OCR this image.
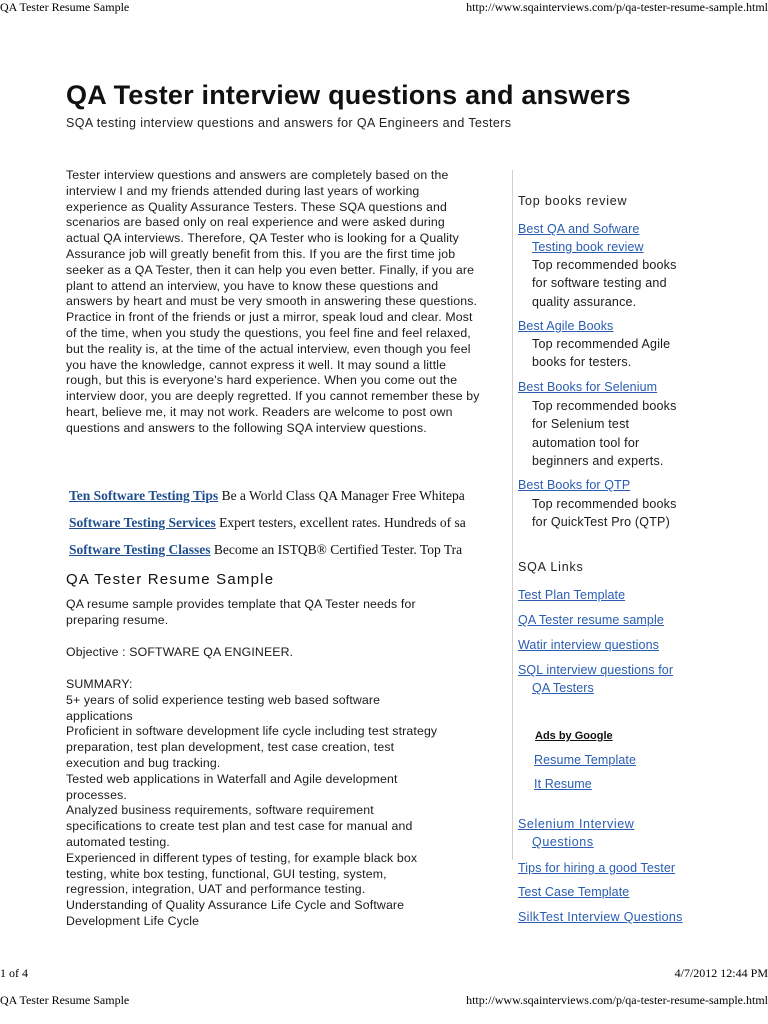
QA Tester Resume Sample	http://www.sqainterviews.com/p/qa-tester-resume-sample.html
QA Tester interview questions and answers

SQA testing interview questions and answers for QA Engineers and Testers

Tester interview questions and answers are completely based on the interview I and my friends attended during last years of working experience as Quality Assurance Testers. These SQA questions and scenarios are based only on real experience and were asked during actual QA interviews. Therefore, QA Tester who is looking for a Quality Assurance job will greatly benefit from this. If you are the first time job seeker as a QA Tester, then it can help you even better. Finally, if you are plant to attend an interview, you have to know these questions and answers by heart and must be very smooth in answering these questions. Practice in front of the friends or just a mirror, speak loud and clear. Most of the time, when you study the questions, you feel fine and feel relaxed, but the reality is, at the time of the actual interview, even though you feel you have the knowledge, cannot express it well. It may sound a little rough, but this is everyone's hard experience. When you come out the interview door, you are deeply regretted. If you cannot remember these by heart, believe me, it may not work. Readers are welcome to post own questions and answers to the following SQA interview questions.

Ten Software Testing Tips Be a World Class QA Manager Free Whitepa
Software Testing Services Expert testers, excellent rates. Hundreds of sa
Software Testing Classes Become an ISTQB® Certified Tester. Top Tra
QA Tester Resume Sample

QA resume sample provides template that QA Tester needs for
preparing resume.

Objective : SOFTWARE QA ENGINEER.

SUMMARY:
5+ years of solid experience testing web based software
applications
Proficient in software development life cycle including test strategy
preparation, test plan development, test case creation, test
execution and bug tracking.
Tested web applications in Waterfall and Agile development
processes.
Analyzed business requirements, software requirement
specifications to create test plan and test case for manual and
automated testing.
Experienced in different types of testing, for example black box
testing, white box testing, functional, GUI testing, system,
regression, integration, UAT and performance testing.
Understanding of Quality Assurance Life Cycle and Software
Development Life Cycle

Top books review
Best QA and Sofware
Testing book review

Top recommended books
for software testing and
quality assurance.

Best Agile Books

Top recommended Agile
books for testers.

Best Books for Selenium

Top recommended books
for Selenium test
automation tool for
beginners and experts.

Best Books for QTP

Top recommended books
for QuickTest Pro (QTP)

SQA Links
Test Plan Template
QA Tester resume sample
Watir interview questions
SQL interview questions for
QA Testers
Ads by Google
Resume Template
It Resume
Selenium Interview
Questions
Tips for hiring a good Tester
Test Case Template
SilkTest Interview Questions
1 of 4	4/7/2012 12:44 PM
QA Tester Resume Sample	http://www.sqainterviews.com/p/qa-tester-resume-sample.html
